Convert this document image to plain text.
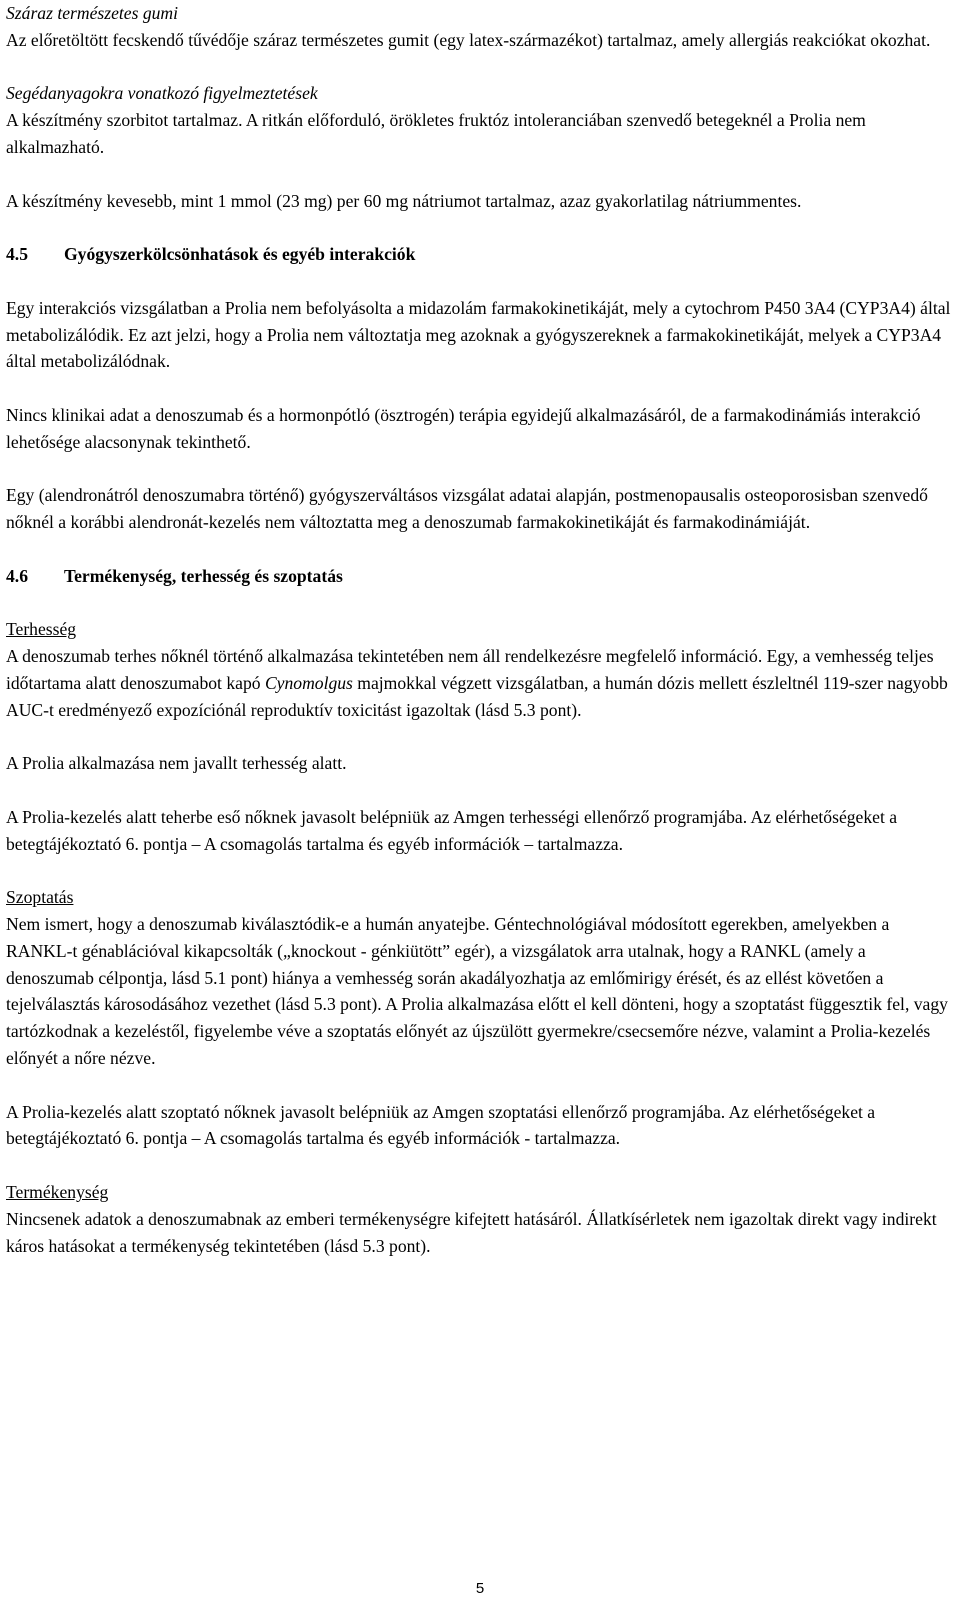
Száraz természetes gumi

Az előretöltött fecskendő tűvédője száraz természetes gumit (egy latex-származékot) tartalmaz, amely allergiás reakciókat okozhat.

Segédanyagokra vonatkozó figyelmeztetések

A készítmény szorbitot tartalmaz. A ritkán előforduló, örökletes fruktóz intoleranciában szenvedő betegeknél a Prolia nem alkalmazható.

A készítmény kevesebb, mint 1 mmol (23 mg) per 60 mg nátriumot tartalmaz, azaz gyakorlatilag nátriummentes.

4.5 Gyógyszerkölcsönhatások és egyéb interakciók

Egy interakciós vizsgálatban a Prolia nem befolyásolta a midazolám farmakokinetikáját, mely a cytochrom P450 3A4 (CYP3A4) által metabolizálódik. Ez azt jelzi, hogy a Prolia nem változtatja meg azoknak a gyógyszereknek a farmakokinetikáját, melyek a CYP3A4 által metabolizálódnak.

Nincs klinikai adat a denoszumab és a hormonpótló (ösztrogén) terápia egyidejű alkalmazásáról, de a farmakodinámiás interakció lehetősége alacsonynak tekinthető.

Egy (alendronátról denoszumabra történő) gyógyszerváltásos vizsgálat adatai alapján, postmenopausalis osteoporosisban szenvedő nőknél a korábbi alendronát-kezelés nem változtatta meg a denoszumab farmakokinetikáját és farmakodinámiáját.

4.6 Termékenység, terhesség és szoptatás

Terhesség

A denoszumab terhes nőknél történő alkalmazása tekintetében nem áll rendelkezésre megfelelő információ. Egy, a vemhesség teljes időtartama alatt denoszumabot kapó Cynomolgus majmokkal végzett vizsgálatban, a humán dózis mellett észleltnél 119-szer nagyobb AUC-t eredményező expozíciónál reproduktív toxicitást igazoltak (lásd 5.3 pont).

A Prolia alkalmazása nem javallt terhesség alatt.

A Prolia-kezelés alatt teherbe eső nőknek javasolt belépniük az Amgen terhességi ellenőrző programjába. Az elérhetőségeket a betegtájékoztató 6. pontja – A csomagolás tartalma és egyéb információk – tartalmazza.

Szoptatás

Nem ismert, hogy a denoszumab kiválasztódik-e a humán anyatejbe. Géntechnológiával módosított egerekben, amelyekben a RANKL-t génablációval kikapcsolták („knockout - génkiütött” egér), a vizsgálatok arra utalnak, hogy a RANKL (amely a denoszumab célpontja, lásd 5.1 pont) hiánya a vemhesség során akadályozhatja az emlőmirigy érését, és az ellést követően a tejelválasztás károsodásához vezethet (lásd 5.3 pont). A Prolia alkalmazása előtt el kell dönteni, hogy a szoptatást függesztik fel, vagy tartózkodnak a kezeléstől, figyelembe véve a szoptatás előnyét az újszülött gyermekre/csecsemőre nézve, valamint a Prolia-kezelés előnyét a nőre nézve.

A Prolia-kezelés alatt szoptató nőknek javasolt belépniük az Amgen szoptatási ellenőrző programjába. Az elérhetőségeket a betegtájékoztató 6. pontja – A csomagolás tartalma és egyéb információk - tartalmazza.

Termékenység

Nincsenek adatok a denoszumabnak az emberi termékenységre kifejtett hatásáról. Állatkísérletek nem igazoltak direkt vagy indirekt káros hatásokat a termékenység tekintetében (lásd 5.3 pont).

5
